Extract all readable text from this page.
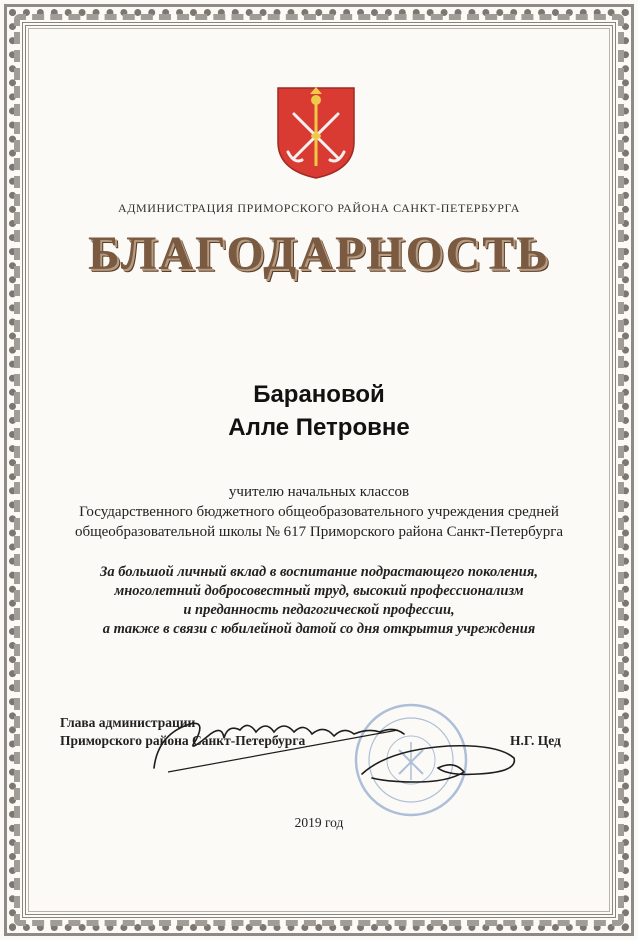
АДМИНИСТРАЦИЯ ПРИМОРСКОГО РАЙОНА САНКТ-ПЕТЕРБУРГА
БЛАГОДАРНОСТЬ
Барановой
Алле Петровне
учителю начальных классов
Государственного бюджетного общеобразовательного учреждения средней
общеобразовательной школы № 617 Приморского района Санкт-Петербурга
За большой личный вклад в воспитание подрастающего поколения,
многолетний добросовестный труд, высокий профессионализм
и преданность педагогической профессии,
а также в связи с юбилейной датой со дня открытия учреждения
Глава администрации
Приморского района Санкт-Петербурга	Н.Г. Цед
2019 год
